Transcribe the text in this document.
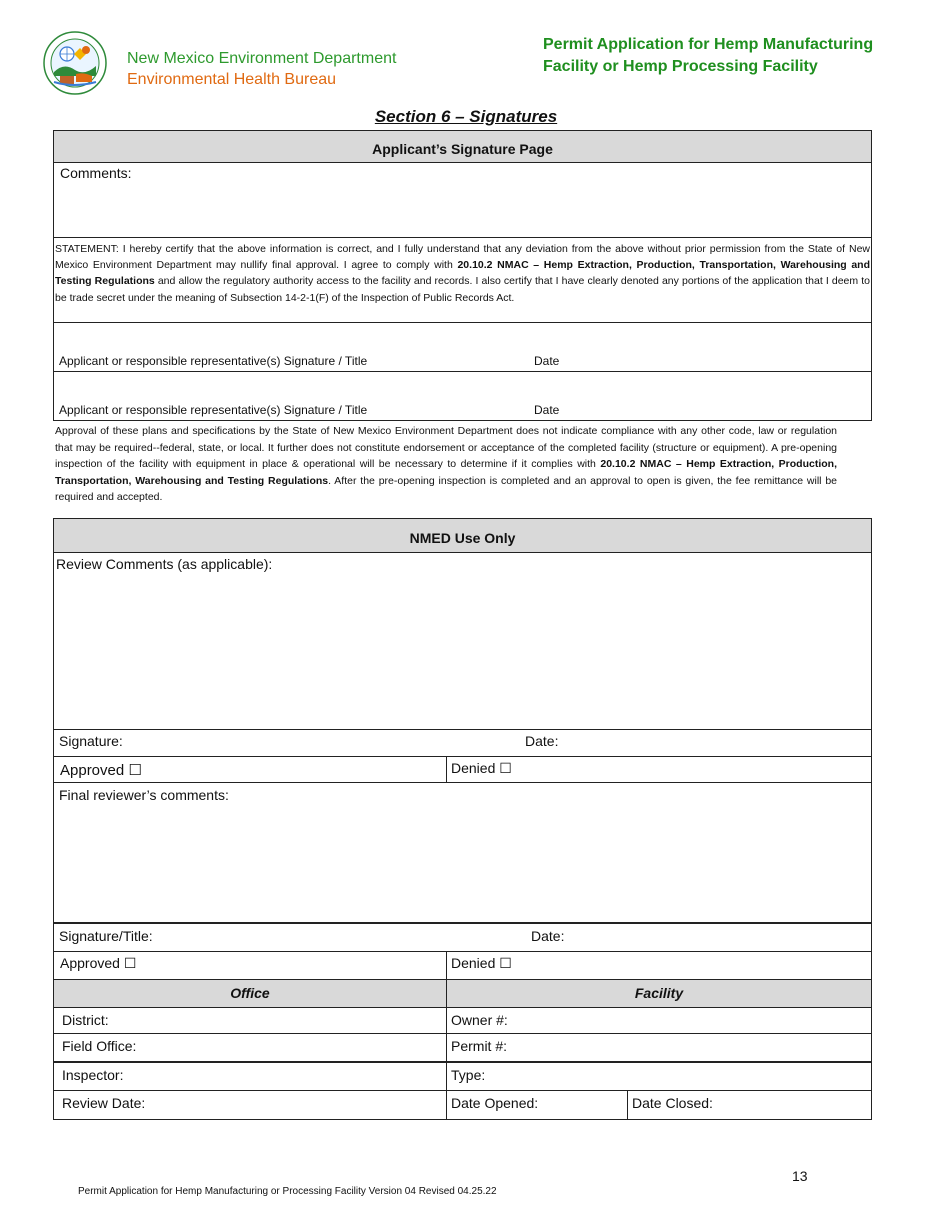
New Mexico Environment Department
Environmental Health Bureau
Permit Application for Hemp Manufacturing
Facility or Hemp Processing Facility
Section 6 – Signatures
Applicant’s Signature Page
Comments:
STATEMENT: I hereby certify that the above information is correct, and I fully understand that any deviation from the above without prior permission from the State of New Mexico Environment Department may nullify final approval. I agree to comply with 20.10.2 NMAC – Hemp Extraction, Production, Transportation, Warehousing and Testing Regulations and allow the regulatory authority access to the facility and records. I also certify that I have clearly denoted any portions of the application that I deem to be trade secret under the meaning of Subsection 14-2-1(F) of the Inspection of Public Records Act.
Applicant or responsible representative(s) Signature / Title	Date
Applicant or responsible representative(s) Signature / Title	Date
Approval of these plans and specifications by the State of New Mexico Environment Department does not indicate compliance with any other code, law or regulation that may be required--federal, state, or local. It further does not constitute endorsement or acceptance of the completed facility (structure or equipment). A pre-opening inspection of the facility with equipment in place & operational will be necessary to determine if it complies with 20.10.2 NMAC – Hemp Extraction, Production, Transportation, Warehousing and Testing Regulations. After the pre-opening inspection is completed and an approval to open is given, the fee remittance will be required and accepted.
NMED Use Only
Review Comments (as applicable):
Signature:	Date:
Approved ☐	Denied ☐
Final reviewer’s comments:
Signature/Title:	Date:
Approved ☐	Denied ☐
Office	Facility
District:	Owner #:
Field Office:	Permit #:
Inspector:	Type:
Review Date:	Date Opened:	Date Closed:
13
Permit Application for Hemp Manufacturing or Processing Facility Version 04 Revised 04.25.22
